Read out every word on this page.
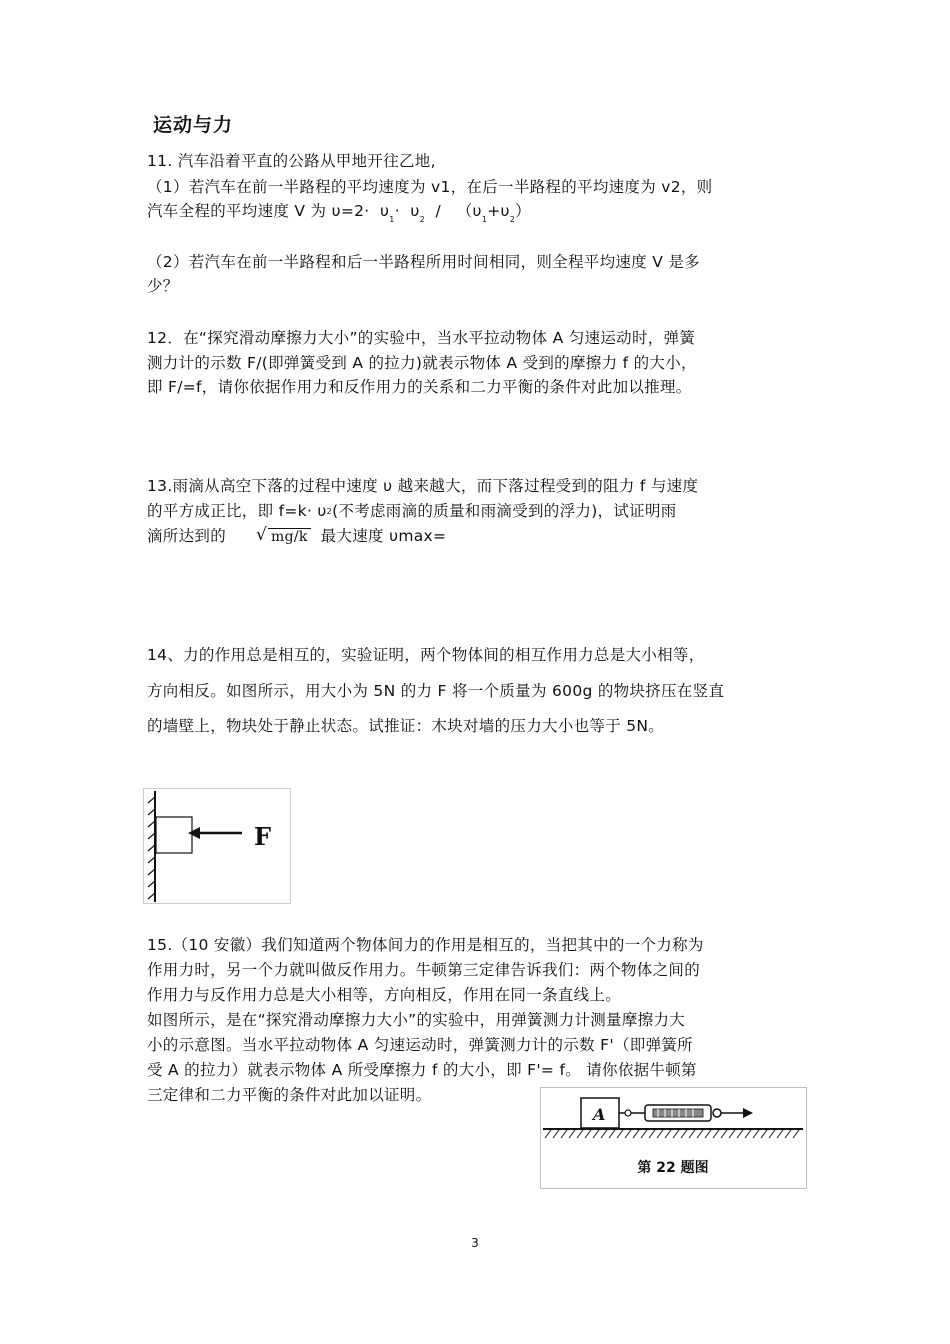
运动与力
11. 汽车沿着平直的公路从甲地开往乙地,
（1）若汽车在前一半路程的平均速度为 v1，在后一半路程的平均速度为 v2，则
汽车全程的平均速度 V 为 $\upsilon=2\cdot \upsilon_1\cdot \upsilon_2 / (\upsilon_1+\upsilon_2)$
（2）若汽车在前一半路程和后一半路程所用时间相同，则全程平均速度 V 是多
少？
12．在“探究滑动摩擦力大小”的实验中，当水平拉动物体 A 匀速运动时，弹簧
测力计的示数 F/(即弹簧受到 A 的拉力)就表示物体 A 受到的摩擦力 f 的大小，
即 F/=f，请你依据作用力和反作用力的关系和二力平衡的条件对此加以推理。
13.雨滴从高空下落的过程中速度 υ 越来越大，而下落过程受到的阻力 f 与速度
的平方成正比，即 $f=k\cdot \upsilon^2$(不考虑雨滴的质量和雨滴受到的浮力)，试证明雨
滴所达到的 √ mg/k 最大速度 υmax=
14、力的作用总是相互的，实验证明，两个物体间的相互作用力总是大小相等，
方向相反。如图所示，用大小为 5N 的力 F 将一个质量为 600g 的物块挤压在竖直
的墙壁上，物块处于静止状态。试推证：木块对墙的压力大小也等于 5N。
F
15.（10 安徽）我们知道两个物体间力的作用是相互的，当把其中的一个力称为
作用力时，另一个力就叫做反作用力。牛顿第三定律告诉我们：两个物体之间的
作用力与反作用力总是大小相等，方向相反，作用在同一条直线上。
如图所示，是在“探究滑动摩擦力大小”的实验中，用弹簧测力计测量摩擦力大
小的示意图。当水平拉动物体 A 匀速运动时，弹簧测力计的示数 F'（即弹簧所
受 A 的拉力）就表示物体 A 所受摩擦力 f 的大小，即 F'= f。 请你依据牛顿第
三定律和二力平衡的条件对此加以证明。
A
第 22 题图
3
